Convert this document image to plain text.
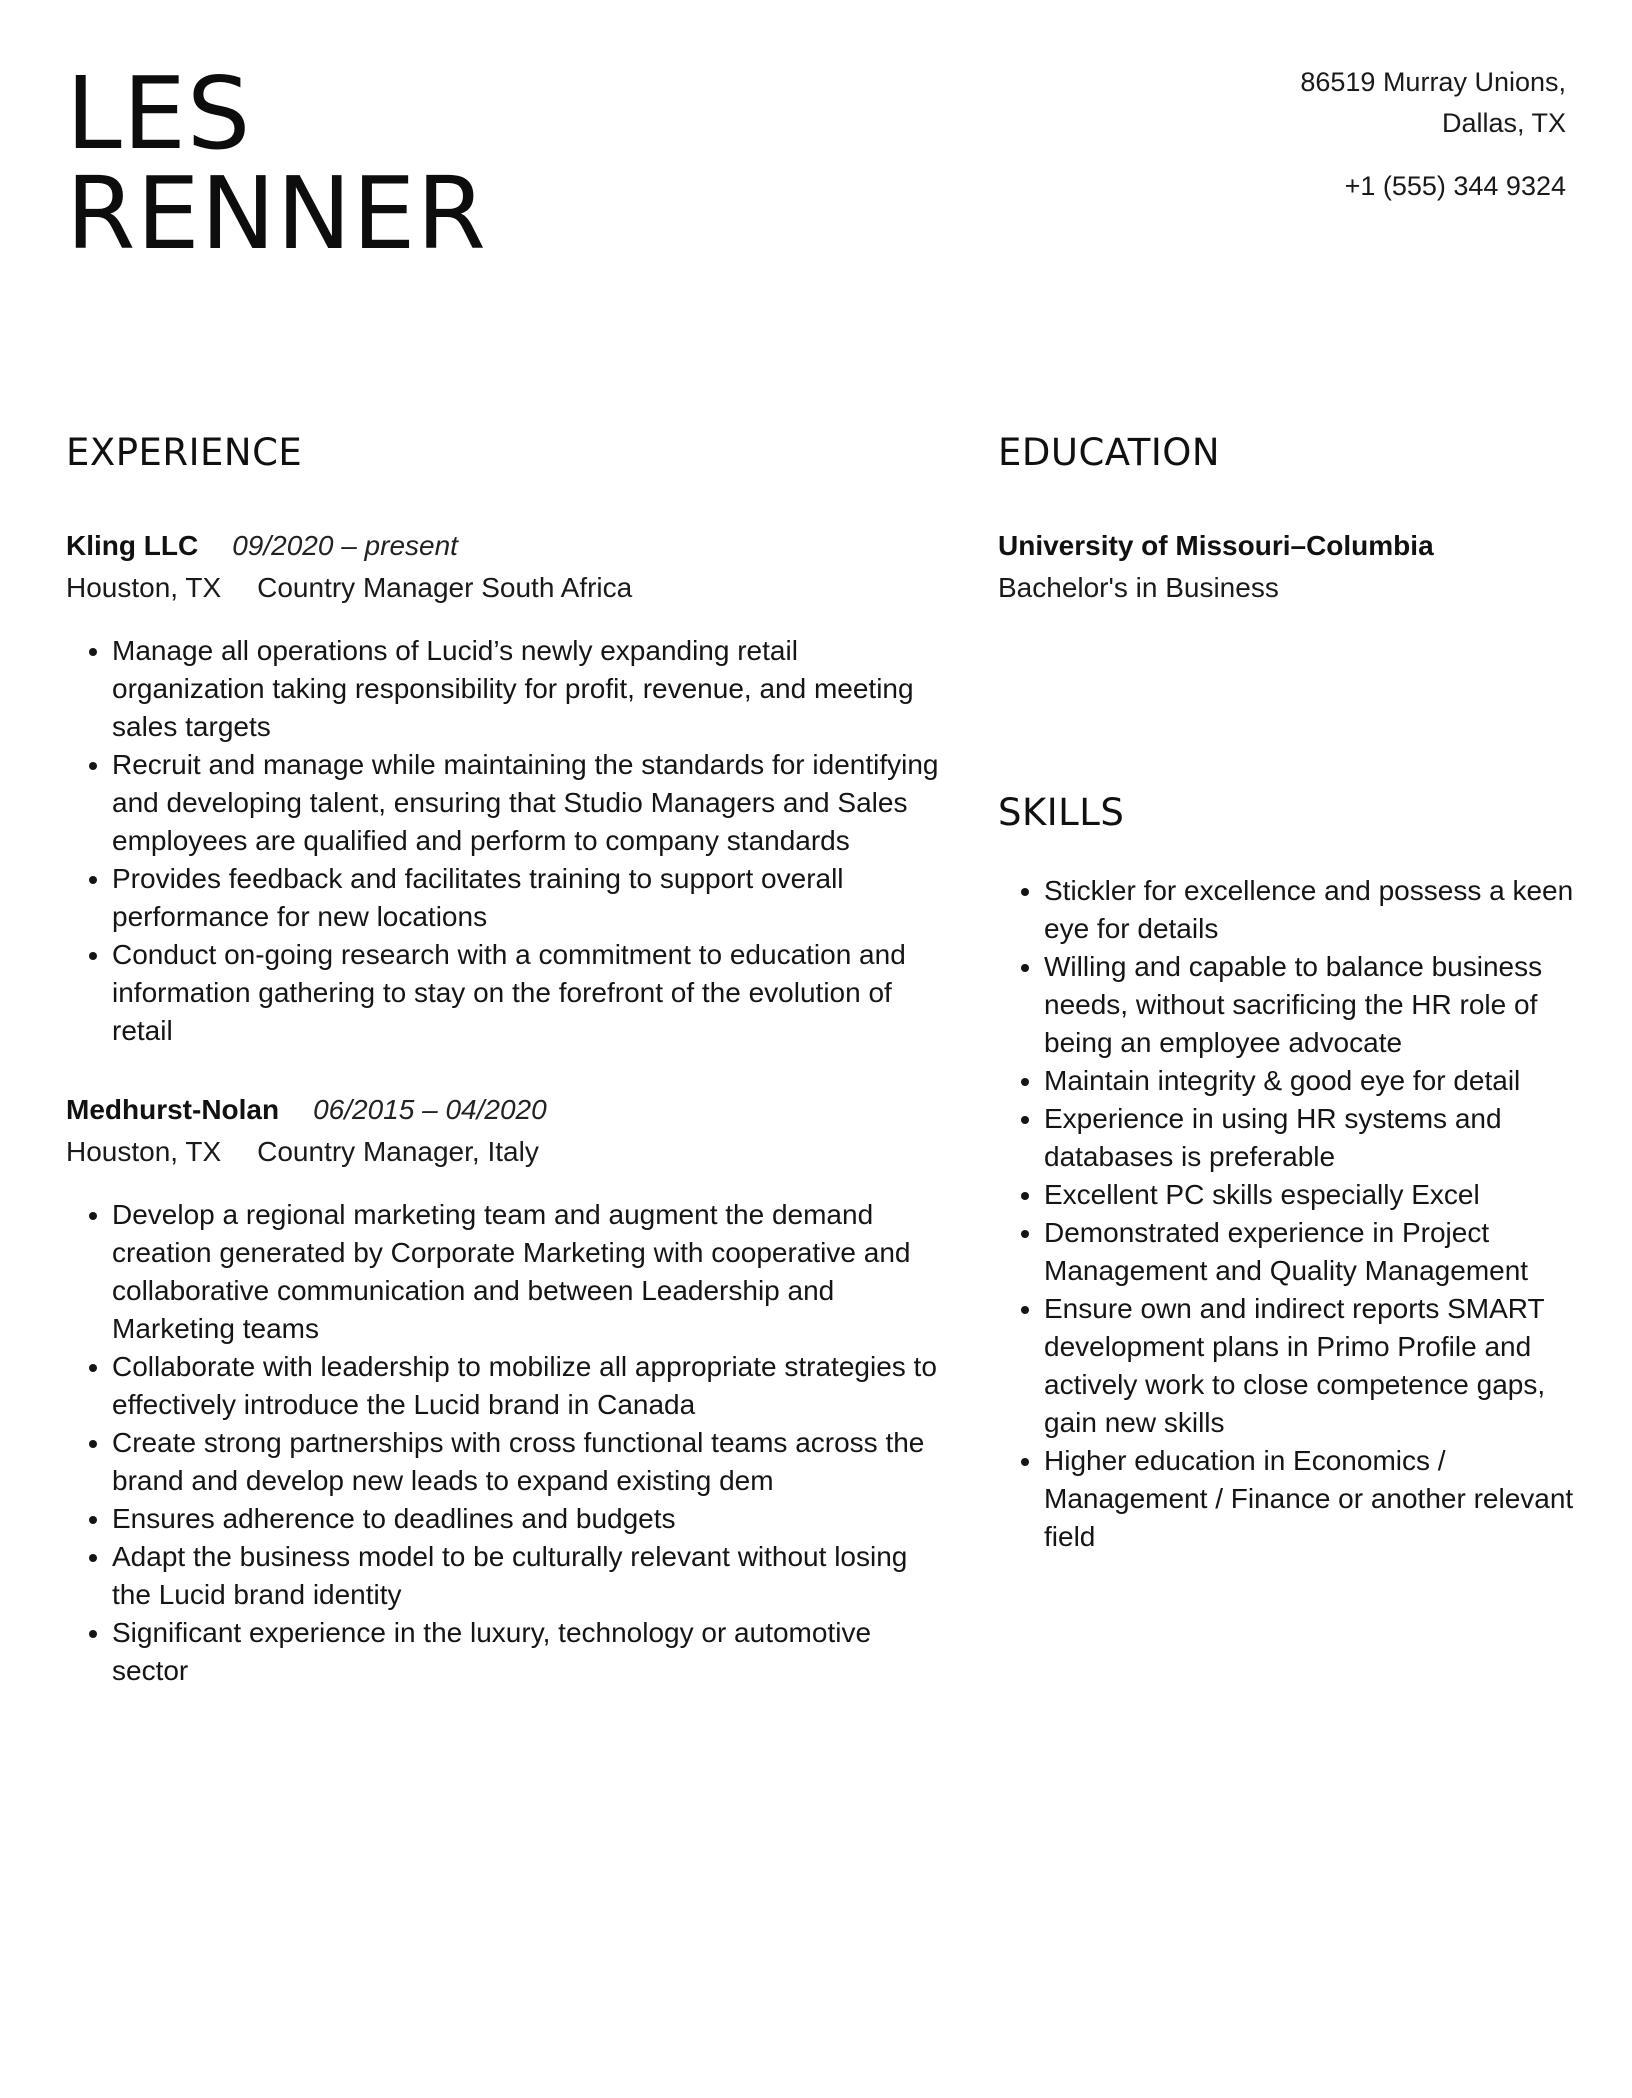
LES
RENNER
86519 Murray Unions,
Dallas, TX
+1 (555) 344 9324
EXPERIENCE
Kling LLC 09/2020 – present
Houston, TX Country Manager South Africa
• Manage all operations of Lucid’s newly expanding retail organization taking responsibility for profit, revenue, and meeting sales targets
• Recruit and manage while maintaining the standards for identifying and developing talent, ensuring that Studio Managers and Sales employees are qualified and perform to company standards
• Provides feedback and facilitates training to support overall performance for new locations
• Conduct on-going research with a commitment to education and information gathering to stay on the forefront of the evolution of retail
Medhurst-Nolan 06/2015 – 04/2020
Houston, TX Country Manager, Italy
• Develop a regional marketing team and augment the demand creation generated by Corporate Marketing with cooperative and collaborative communication and between Leadership and Marketing teams
• Collaborate with leadership to mobilize all appropriate strategies to effectively introduce the Lucid brand in Canada
• Create strong partnerships with cross functional teams across the brand and develop new leads to expand existing dem
• Ensures adherence to deadlines and budgets
• Adapt the business model to be culturally relevant without losing the Lucid brand identity
• Significant experience in the luxury, technology or automotive sector
EDUCATION
University of Missouri–Columbia
Bachelor's in Business
SKILLS
• Stickler for excellence and possess a keen eye for details
• Willing and capable to balance business needs, without sacrificing the HR role of being an employee advocate
• Maintain integrity & good eye for detail
• Experience in using HR systems and databases is preferable
• Excellent PC skills especially Excel
• Demonstrated experience in Project Management and Quality Management
• Ensure own and indirect reports SMART development plans in Primo Profile and actively work to close competence gaps, gain new skills
• Higher education in Economics / Management / Finance or another relevant field
